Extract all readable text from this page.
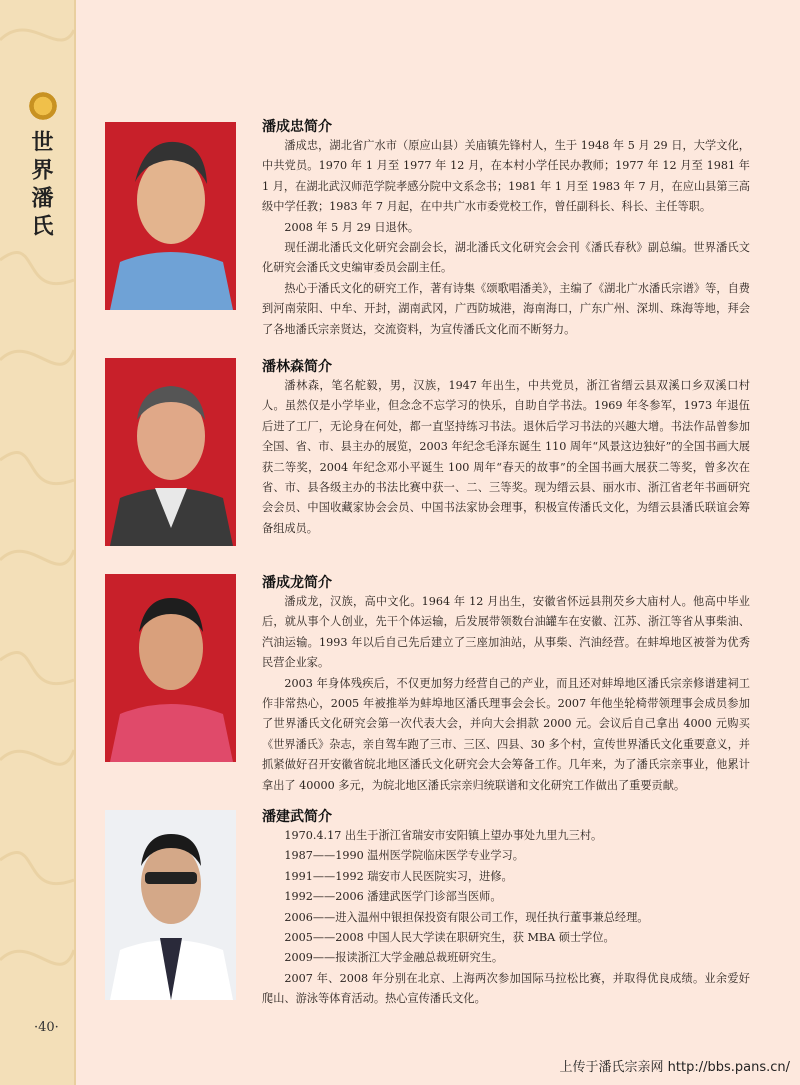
世界潘氏
·40·
潘成忠简介

潘成忠，湖北省广水市（原应山县）关庙镇先锋村人，生于 1948 年 5 月 29 日，大学文化，中共党员。1970 年 1 月至 1977 年 12 月，在本村小学任民办教师；1977 年 12 月至 1981 年 1 月，在湖北武汉师范学院孝感分院中文系念书；1981 年 1 月至 1983 年 7 月，在应山县第三高级中学任教；1983 年 7 月起，在中共广水市委党校工作，曾任副科长、科长、主任等职。

2008 年 5 月 29 日退休。

现任湖北潘氏文化研究会副会长，湖北潘氏文化研究会会刊《潘氏春秋》副总编。世界潘氏文化研究会潘氏文史编审委员会副主任。

热心于潘氏文化的研究工作，著有诗集《颂歌唱潘美》，主编了《湖北广水潘氏宗谱》等，自费到河南荥阳、中牟、开封，湖南武冈，广西防城港，海南海口，广东广州、深圳、珠海等地，拜会了各地潘氏宗亲贤达，交流资料，为宣传潘氏文化而不断努力。

潘林森简介

潘林森，笔名舵毅，男，汉族，1947 年出生，中共党员，浙江省缙云县双溪口乡双溪口村人。虽然仅是小学毕业，但念念不忘学习的快乐，自助自学书法。1969 年冬参军，1973 年退伍后进了工厂，无论身在何处，都一直坚持练习书法。退休后学习书法的兴趣大增。书法作品曾参加全国、省、市、县主办的展览，2003 年纪念毛泽东诞生 110 周年“风景这边独好”的全国书画大展获二等奖，2004 年纪念邓小平诞生 100 周年“春天的故事”的全国书画大展获二等奖，曾多次在省、市、县各级主办的书法比赛中获一、二、三等奖。现为缙云县、丽水市、浙江省老年书画研究会会员、中国收藏家协会会员、中国书法家协会理事，积极宣传潘氏文化，为缙云县潘氏联谊会筹备组成员。

潘成龙简介

潘成龙，汉族，高中文化。1964 年 12 月出生，安徽省怀远县荆芡乡大庙村人。他高中毕业后，就从事个人创业，先干个体运输，后发展带领数台油罐车在安徽、江苏、浙江等省从事柴油、汽油运输。1993 年以后自己先后建立了三座加油站，从事柴、汽油经营。在蚌埠地区被誉为优秀民营企业家。

2003 年身体残疾后，不仅更加努力经营自己的产业，而且还对蚌埠地区潘氏宗亲修谱建祠工作非常热心，2005 年被推举为蚌埠地区潘氏理事会会长。2007 年他坐轮椅带领理事会成员参加了世界潘氏文化研究会第一次代表大会，并向大会捐款 2000 元。会议后自己拿出 4000 元购买《世界潘氏》杂志，亲自驾车跑了三市、三区、四县、30 多个村，宣传世界潘氏文化重要意义，并抓紧做好召开安徽省皖北地区潘氏文化研究会大会筹备工作。几年来，为了潘氏宗亲事业，他累计拿出了 40000 多元，为皖北地区潘氏宗亲归统联谱和文化研究工作做出了重要贡献。

潘建武简介

1970.4.17 出生于浙江省瑞安市安阳镇上望办事处九里九三村。

1987——1990 温州医学院临床医学专业学习。

1991——1992 瑞安市人民医院实习，进修。

1992——2006 潘建武医学门诊部当医师。

2006——进入温州中银担保投资有限公司工作，现任执行董事兼总经理。

2005——2008 中国人民大学读在职研究生，获 MBA 硕士学位。

2009——报读浙江大学金融总裁班研究生。

2007 年、2008 年分别在北京、上海两次参加国际马拉松比赛，并取得优良成绩。业余爱好爬山、游泳等体育活动。热心宣传潘氏文化。

上传于潘氏宗亲网 http://bbs.pans.cn/
